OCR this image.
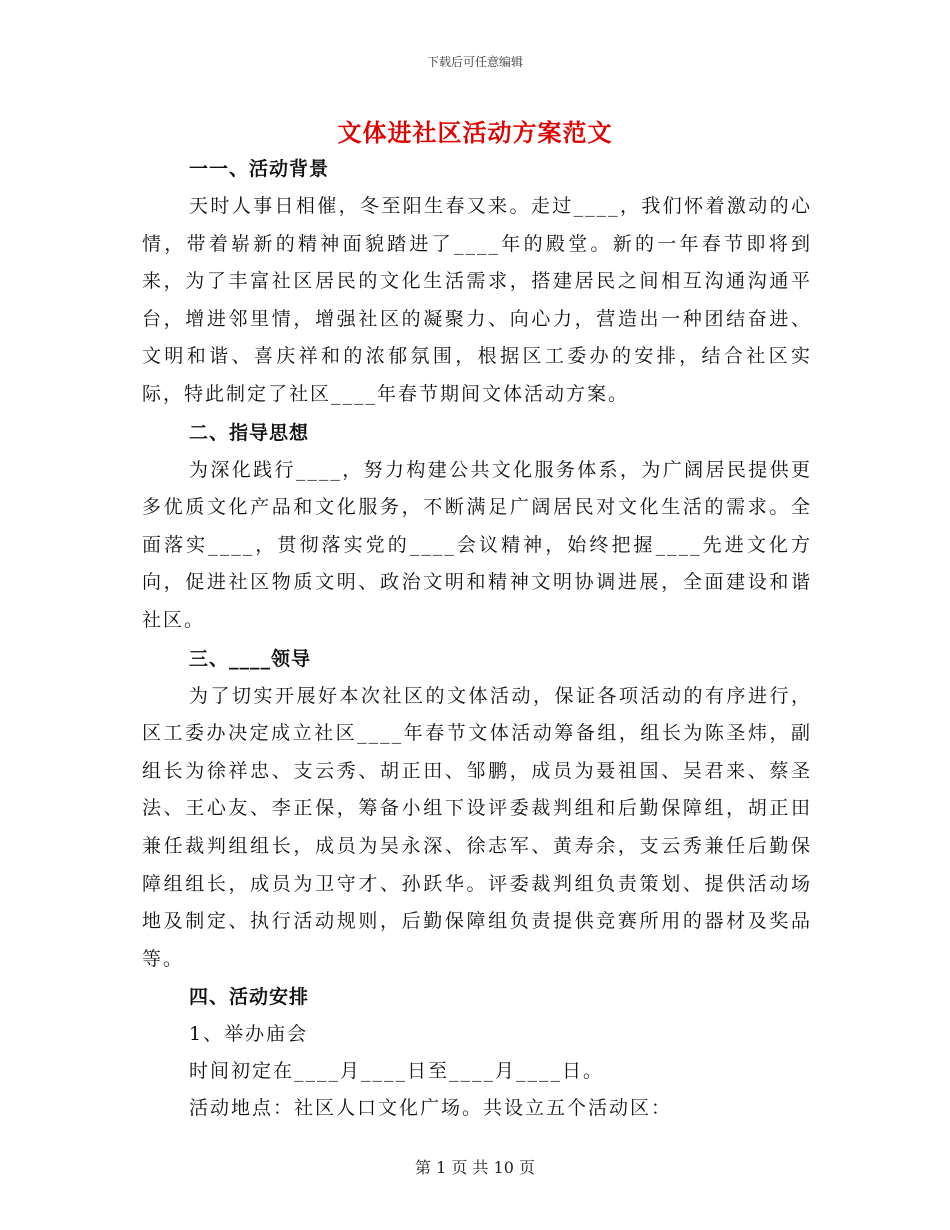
下载后可任意编辑
文体进社区活动方案范文
一一、活动背景

天时人事日相催，冬至阳生春又来。走过____，我们怀着激动的心情，带着崭新的精神面貌踏进了____年的殿堂。新的一年春节即将到来，为了丰富社区居民的文化生活需求，搭建居民之间相互沟通沟通平台，增进邻里情，增强社区的凝聚力、向心力，营造出一种团结奋进、文明和谐、喜庆祥和的浓郁氛围，根据区工委办的安排，结合社区实际，特此制定了社区____年春节期间文体活动方案。

二、指导思想

为深化践行____，努力构建公共文化服务体系，为广阔居民提供更多优质文化产品和文化服务，不断满足广阔居民对文化生活的需求。全面落实____，贯彻落实党的____会议精神，始终把握____先进文化方向，促进社区物质文明、政治文明和精神文明协调进展，全面建设和谐社区。

三、____领导

为了切实开展好本次社区的文体活动，保证各项活动的有序进行，区工委办决定成立社区____年春节文体活动筹备组，组长为陈圣炜，副组长为徐祥忠、支云秀、胡正田、邹鹏，成员为聂祖国、吴君来、蔡圣法、王心友、李正保，筹备小组下设评委裁判组和后勤保障组，胡正田兼任裁判组组长，成员为吴永深、徐志军、黄寿余，支云秀兼任后勤保障组组长，成员为卫守才、孙跃华。评委裁判组负责策划、提供活动场地及制定、执行活动规则，后勤保障组负责提供竞赛所用的器材及奖品等。

四、活动安排
1、举办庙会
时间初定在____月____日至____月____日。
活动地点：社区人口文化广场。共设立五个活动区：
第 1 页 共 10 页
